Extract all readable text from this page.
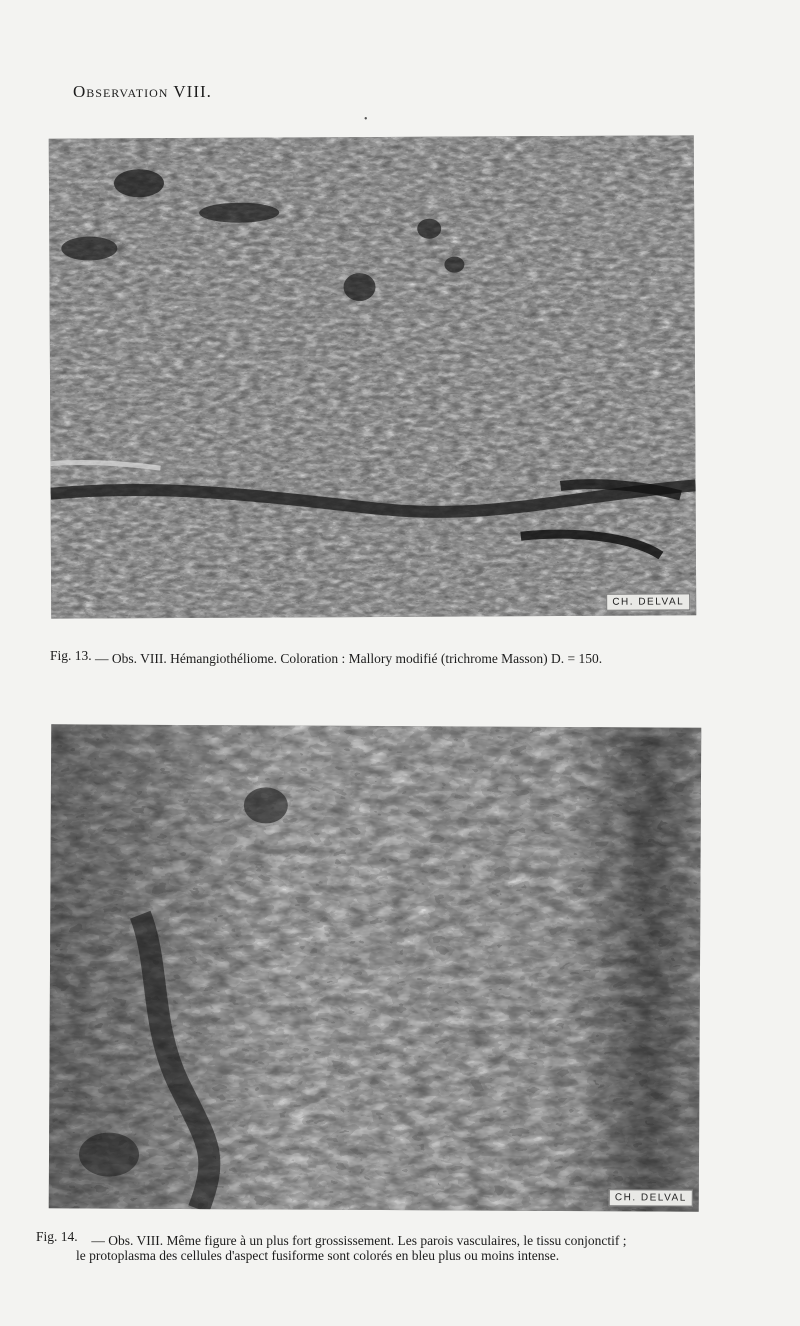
Observation VIII.
•
CH. DELVAL
Fig. 13. — Obs. VIII. Hémangiothéliome. Coloration : Mallory modifié (trichrome Masson) D. = 150.
CH. DELVAL
Fig. 14. — Obs. VIII. Même figure à un plus fort grossissement. Les parois vasculaires, le tissu conjonctif ;
le protoplasma des cellules d'aspect fusiforme sont colorés en bleu plus ou moins intense.
